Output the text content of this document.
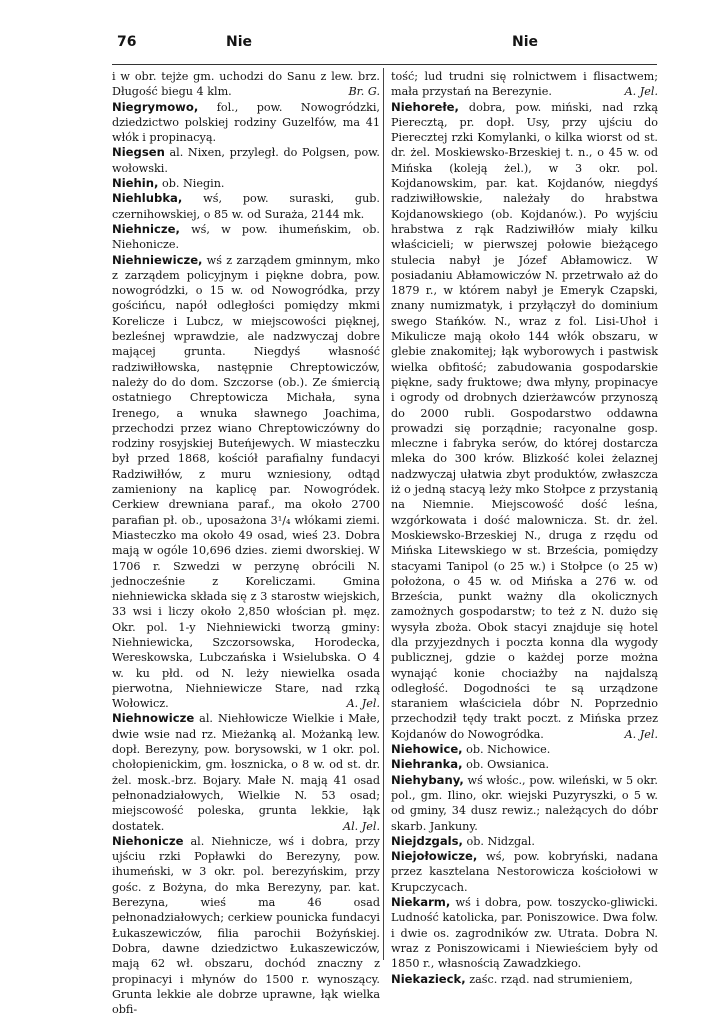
76	Nie	Nie

i w obr. tejże gm. uchodzi do Sanu z lew. brz. Długość biegu 4 klm.	Br. G.

Niegrymowo, fol., pow. Nowogródzki, dziedzictwo polskiej rodziny Guzelfów, ma 41 włók i propinacyą.

Niegsen al. Nixen, przyległ. do Polgsen, pow. wołowski.

Niehin, ob. Niegin.

Niehlubka, wś, pow. suraski, gub. czernihowskiej, o 85 w. od Suraża, 2144 mk.

Niehnicze, wś, w pow. ihumeńskim, ob. Niehonicze.

Niehniewicze, wś z zarządem gminnym, mko z zarządem policyjnym i piękne dobra, pow. nowogródzki, o 15 w. od Nowogródka, przy gościńcu, napół odległości pomiędzy mkmi Korelicze i Lubcz, w miejscowości pięknej, bezleśnej wprawdzie, ale nadzwyczaj dobre mającej grunta. Niegdyś własność radziwiłłowska, następnie Chreptowiczów, należy do do dom. Szczorse (ob.). Ze śmiercią ostatniego Chreptowicza Michała, syna Irenego, a wnuka sławnego Joachima, przechodzi przez wiano Chreptowiczówny do rodziny rosyjskiej Buteńjewych. W miasteczku był przed 1868, kościół parafialny fundacyi Radziwiłłów, z muru wzniesiony, odtąd zamieniony na kaplicę par. Nowogródek. Cerkiew drewniana paraf., ma około 2700 parafian pł. ob., uposażona 3¹/₄ włókami ziemi. Miasteczko ma około 49 osad, wieś 23. Dobra mają w ogóle 10,696 dzies. ziemi dworskiej. W 1706 r. Szwedzi w perzynę obrócili N. jednocześnie z Koreliczami. Gmina niehniewicka składa się z 3 starostw wiejskich, 33 wsi i liczy około 2,850 włościan pł. męz. Okr. pol. 1-y Niehniewicki tworzą gminy: Niehniewicka, Szczorsowska, Horodecka, Wereskowska, Lubczańska i Wsielubska. O 4 w. ku płd. od N. leży niewielka osada pierwotna, Niehniewicze Stare, nad rzką Wołowicz.	A. Jel.

Niehnowicze al. Niehłowicze Wielkie i Małe, dwie wsie nad rz. Mieżanką al. Możanką lew. dopł. Berezyny, pow. borysowski, w 1 okr. pol. chołopienickim, gm. łosznicka, o 8 w. od st. dr. żel. mosk.-brz. Bojary. Małe N. mają 41 osad pełnonadziałowych, Wielkie N. 53 osad; miejscowość poleska, grunta lekkie, łąk dostatek.	Al. Jel.

Niehonicze al. Niehnicze, wś i dobra, przy ujściu rzki Popławki do Berezyny, pow. ihumeński, w 3 okr. pol. berezyńskim, przy gośc. z Bożyna, do mka Berezyny, par. kat. Berezyna, wieś ma 46 osad pełnonadziałowych; cerkiew pounicka fundacyi Łukaszewiczów, filia parochii Bożyńskiej. Dobra, dawne dziedzictwo Łukaszewiczów, mają 62 wł. obszaru, dochód znaczny z propinacyi i młynów do 1500 r. wynoszący. Grunta lekkie ale dobrze uprawne, łąk wielka obfi-

tość; lud trudni się rolnictwem i flisactwem; mała przystań na Berezynie.	A. Jel.

Niehorełe, dobra, pow. miński, nad rzką Pierecztą, pr. dopł. Usy, przy ujściu do Pierecztej rzki Komylanki, o kilka wiorst od st. dr. żel. Moskiewsko-Brzeskiej t. n., o 45 w. od Mińska (koleją żel.), w 3 okr. pol. Kojdanowskim, par. kat. Kojdanów, niegdyś radziwiłłowskie, należały do hrabstwa Kojdanowskiego (ob. Kojdanów.). Po wyjściu hrabstwa z rąk Radziwiłłów miały kilku właścicieli; w pierwszej połowie bieżącego stulecia nabył je Józef Abłamowicz. W posiadaniu Abłamowiczów N. przetrwało aż do 1879 r., w którem nabył je Emeryk Czapski, znany numizmatyk, i przyłączył do dominium swego Stańków. N., wraz z fol. Lisi-Uhoł i Mikulicze mają około 144 włók obszaru, w glebie znakomitej; łąk wyborowych i pastwisk wielka obfitość; zabudowania gospodarskie piękne, sady fruktowe; dwa młyny, propinacye i ogrody od drobnych dzierżawców przynoszą do 2000 rubli. Gospodarstwo oddawna prowadzi się porządnie; racyonalne gosp. mleczne i fabryka serów, do której dostarcza mleka do 300 krów. Blizkość kolei żelaznej nadzwyczaj ułatwia zbyt produktów, zwłaszcza iż o jedną stacyą leży mko Stołpce z przystanią na Niemnie. Miejscowość dość leśna, wzgórkowata i dość malownicza. St. dr. żel. Moskiewsko-Brzeskiej N., druga z rzędu od Mińska Litewskiego w st. Brześcia, pomiędzy stacyami Tanipol (o 25 w.) i Stołpce (o 25 w) położona, o 45 w. od Mińska a 276 w. od Brześcia, punkt ważny dla okolicznych zamożnych gospodarstw; to też z N. dużo się wysyła zboża. Obok stacyi znajduje się hotel dla przyjezdnych i poczta konna dla wygody publicznej, gdzie o każdej porze można wynająć konie chociażby na najdalszą odległość. Dogodności te są urządzone staraniem właściciela dóbr N. Poprzednio przechodził tędy trakt poczt. z Mińska przez Kojdanów do Nowogródka.	A. Jel.

Niehowice, ob. Nichowice.

Niehranka, ob. Owsianica.

Niehybany, wś włośc., pow. wileński, w 5 okr. pol., gm. Ilino, okr. wiejski Puzyryszki, o 5 w. od gminy, 34 dusz rewiz.; należących do dóbr skarb. Jankuny.

Niejdzgals, ob. Nidzgal.

Niejołowicze, wś, pow. kobryński, nadana przez kasztelana Nestorowicza kościołowi w Krupczycach.

Niekarm, wś i dobra, pow. toszycko-gliwicki. Ludność katolicka, par. Poniszowice. Dwa folw. i dwie os. zagrodników zw. Utrata. Dobra N. wraz z Poniszowicami i Niewieściem były od 1850 r., własnością Zawadzkiego.

Niekazieck, zaśc. rząd. nad strumieniem,
